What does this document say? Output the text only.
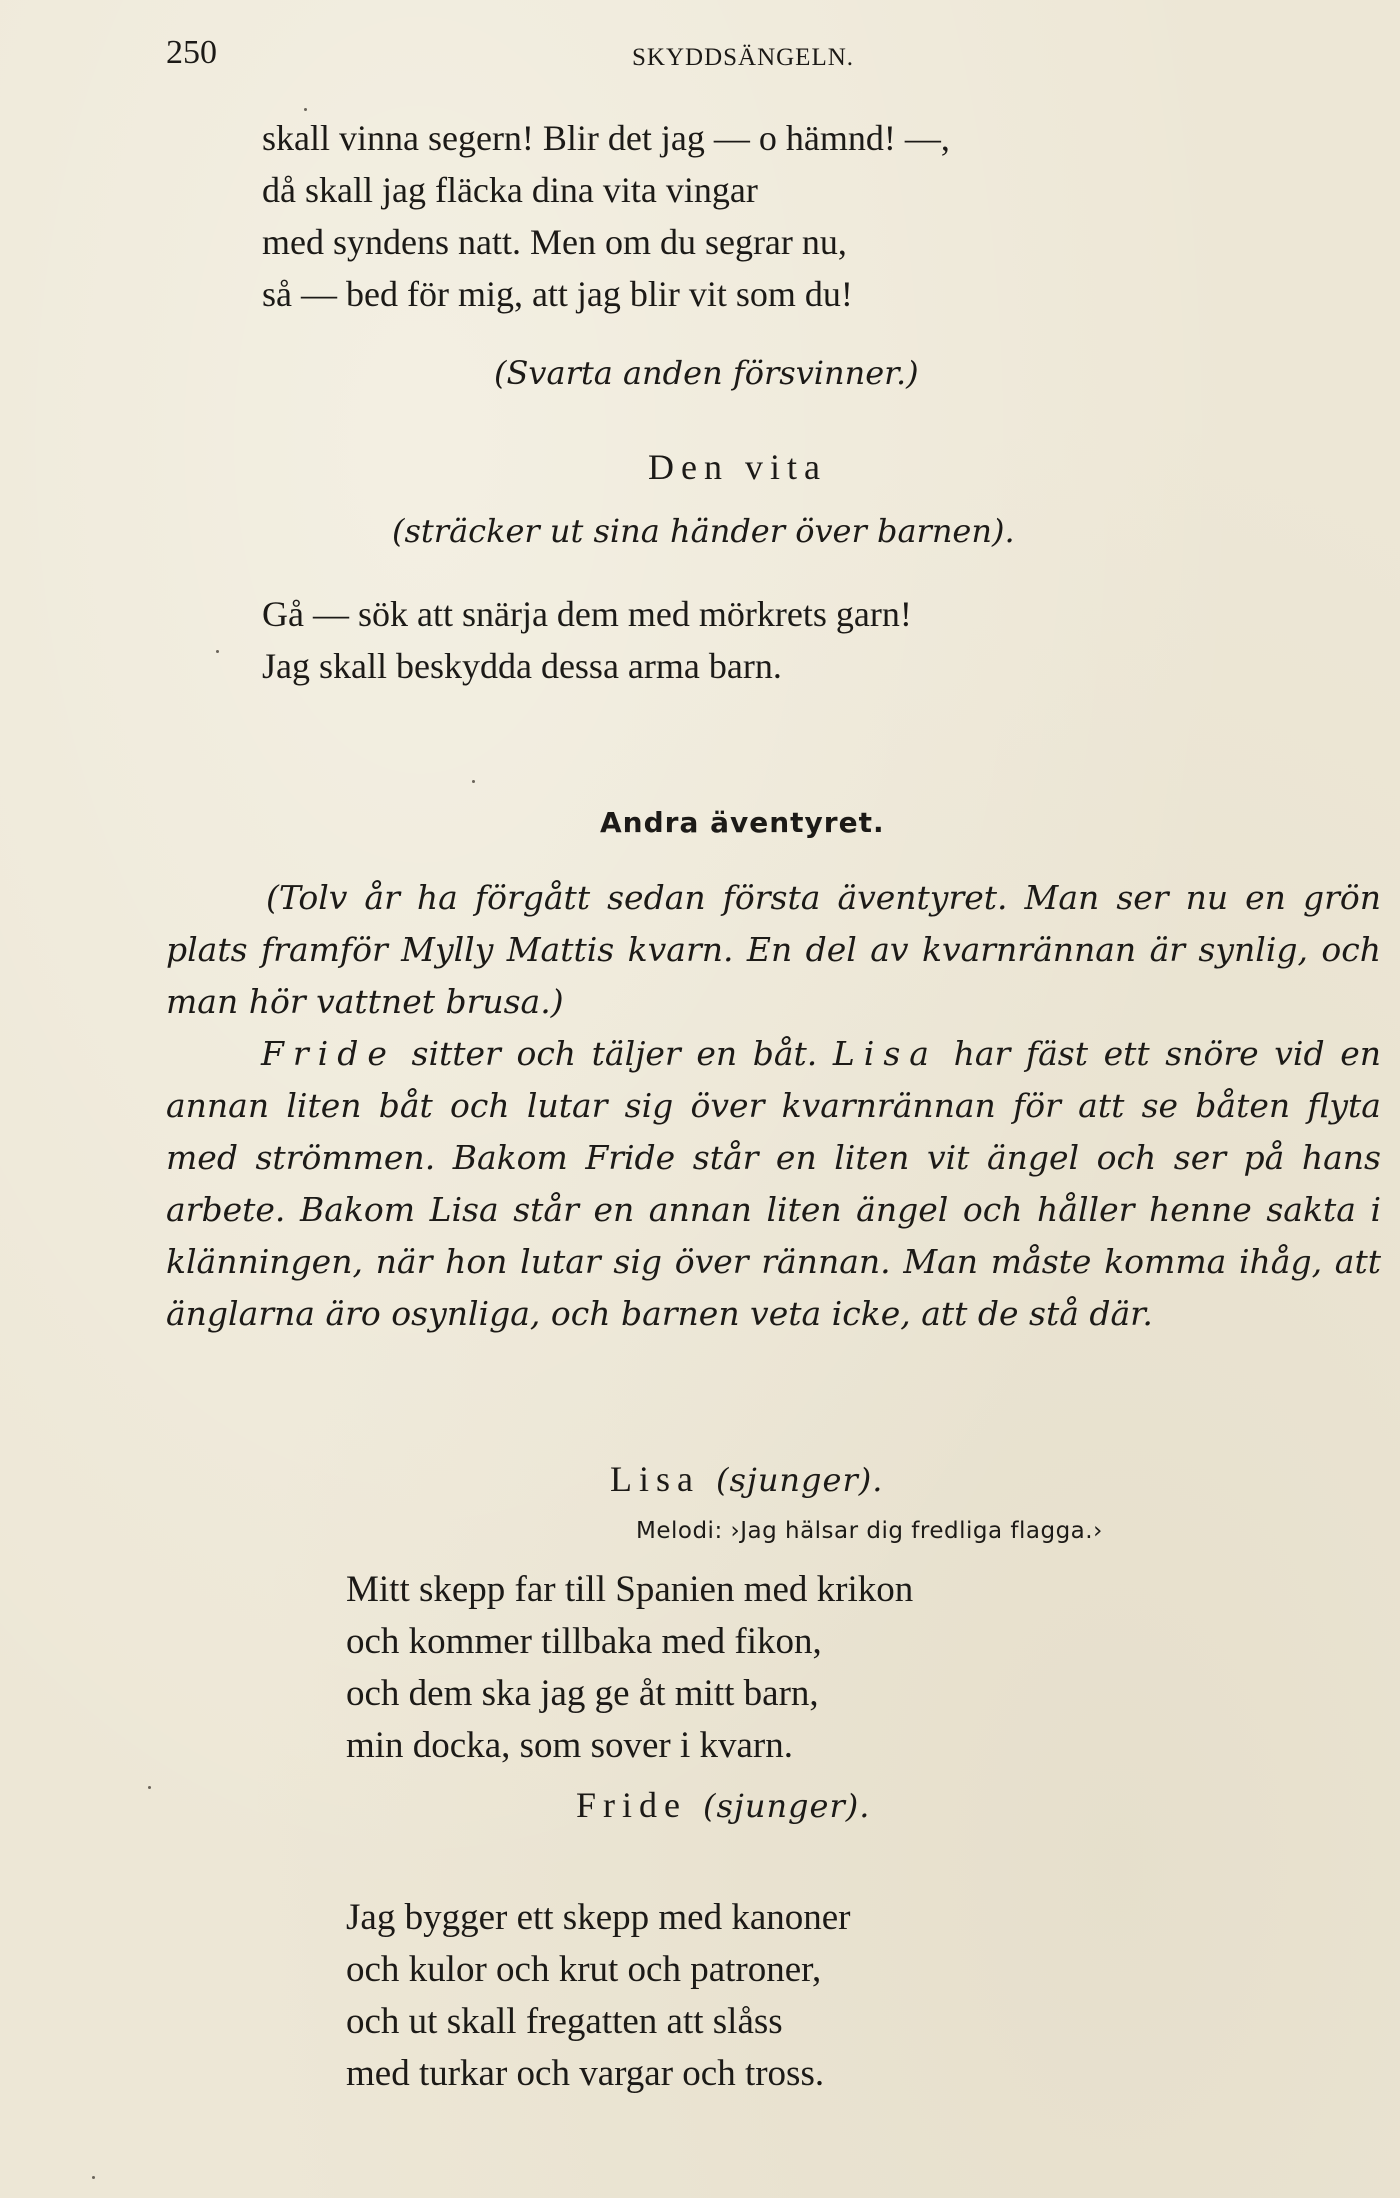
250	SKYDDSÄNGELN.
skall vinna segern! Blir det jag — o hämnd! —,
då skall jag fläcka dina vita vingar
med syndens natt. Men om du segrar nu,
så — bed för mig, att jag blir vit som du!
(Svarta anden försvinner.)
Den vita
(sträcker ut sina händer över barnen).
Gå — sök att snärja dem med mörkrets garn!
Jag skall beskydda dessa arma barn.
Andra äventyret.

(Tolv år ha förgått sedan första äventyret. Man ser nu en grön plats framför Mylly Mattis kvarn. En del av kvarnrännan är synlig, och man hör vattnet brusa.)

Fride sitter och täljer en båt. Lisa har fäst ett snöre vid en annan liten båt och lutar sig över kvarnrännan för att se båten flyta med strömmen. Bakom Fride står en liten vit ängel och ser på hans arbete. Bakom Lisa står en annan liten ängel och håller henne sakta i klänningen, när hon lutar sig över rännan. Man måste komma ihåg, att änglarna äro osynliga, och barnen veta icke, att de stå där.

Lisa (sjunger).
Melodi: ›Jag hälsar dig fredliga flagga.›
Mitt skepp far till Spanien med krikon
och kommer tillbaka med fikon,
och dem ska jag ge åt mitt barn,
min docka, som sover i kvarn.
Fride (sjunger).
Jag bygger ett skepp med kanoner
och kulor och krut och patroner,
och ut skall fregatten att slåss
med turkar och vargar och tross.
